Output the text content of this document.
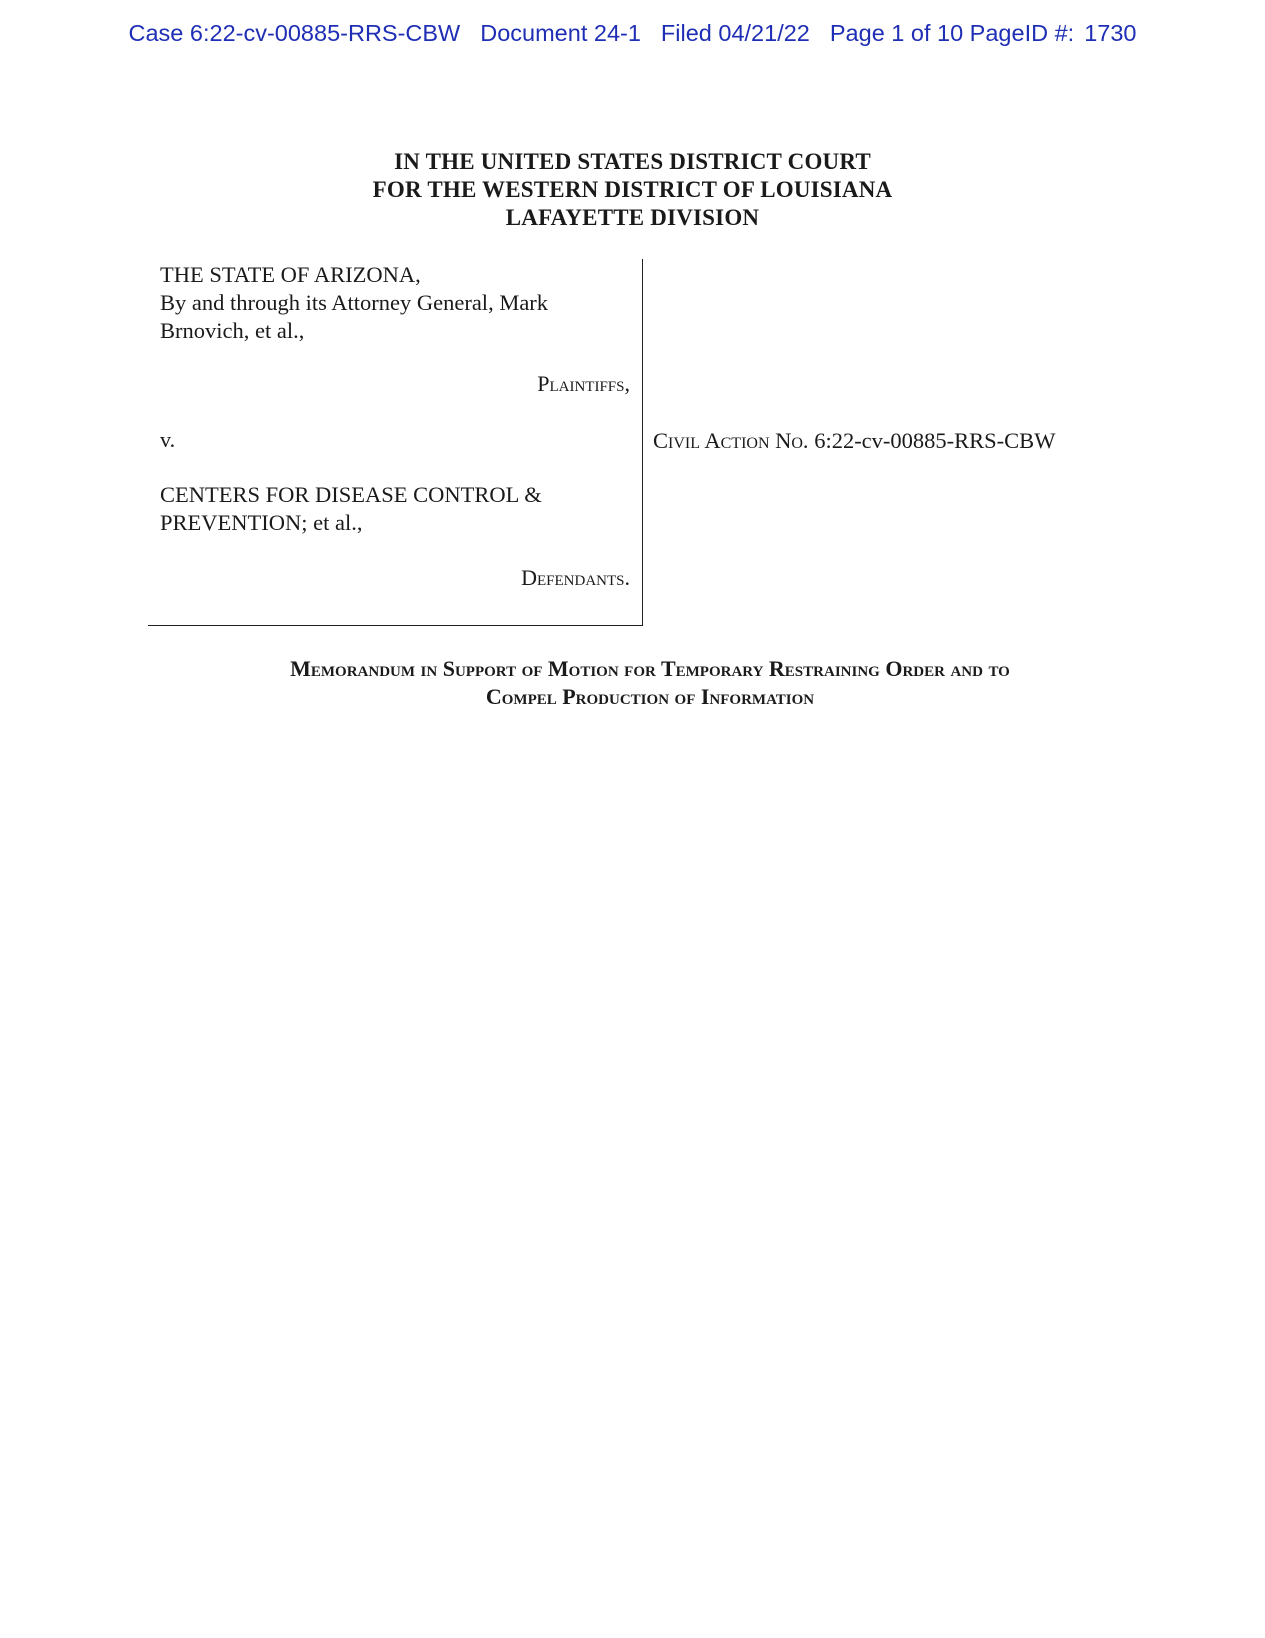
Case 6:22-cv-00885-RRS-CBW Document 24-1 Filed 04/21/22 Page 1 of 10 PageID #: 1730
IN THE UNITED STATES DISTRICT COURT
FOR THE WESTERN DISTRICT OF LOUISIANA
LAFAYETTE DIVISION
THE STATE OF ARIZONA,
By and through its Attorney General, Mark
Brnovich, et al.,
Plaintiffs,
v.
CENTERS FOR DISEASE CONTROL &
PREVENTION; et al.,
Defendants.
Civil Action No. 6:22-cv-00885-RRS-CBW
Memorandum in Support of Motion for Temporary Restraining Order and to
Compel Production of Information
